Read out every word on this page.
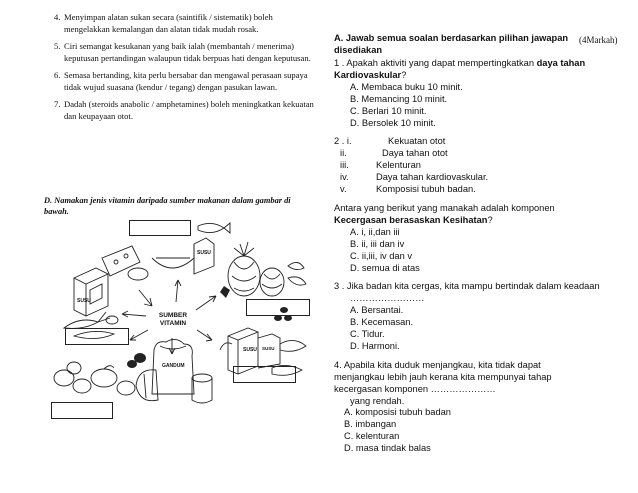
4. Menyimpan alatan sukan secara (saintifik / sistematik) boleh mengelakkan kemalangan dan alatan tidak mudah rosak.
5. Ciri semangat kesukanan yang baik ialah (membantah / menerima) keputusan pertandingan walaupun tidak berpuas hati dengan keputusan.
6. Semasa bertanding, kita perlu bersabar dan mengawal perasaan supaya tidak wujud suasana (kendur / tegang) dengan pasukan lawan.
7. Dadah (steroids anabolic / amphetamines) boleh meningkatkan kekuatan dan keupayaan otot.
D. Namakan jenis vitamin daripada sumber makanan dalam gambar di bawah.
SUSU
SUSU
SUSU
GANDUM
SUSU
SUMBER
VITAMIN
A. Jawab semua soalan berdasarkan pilihan jawapan disediakan
(4Markah)
1 . Apakah aktiviti yang dapat mempertingkatkan daya tahan Kardiovaskular?
A. Membaca buku 10 minit.
B. Memancing 10 minit.
C. Berlari 10 minit.
D. Bersolek 10 minit.
2 . i.	Kekuatan otot
ii.	Daya tahan otot
iii.	Kelenturan
iv.	Daya tahan kardiovaskular.
v.	Komposisi tubuh badan.
Antara yang berikut yang manakah adalah komponen
Kecergasan berasaskan Kesihatan?
A. i, ii,dan iii
B. ii, iii dan iv
C. ii,iii, iv dan v
D. semua di atas
3 . Jika badan kita cergas, kita mampu bertindak dalam keadaan
……………………
A. Bersantai.
B. Kecemasan.
C. Tidur.
D. Harmoni.
4. Apabila kita duduk menjangkau, kita tidak dapat
menjangkau lebih jauh kerana kita mempunyai tahap
kecergasan komponen …………………
yang rendah.
A. komposisi tubuh badan
B. imbangan
C. kelenturan
D. masa tindak balas
